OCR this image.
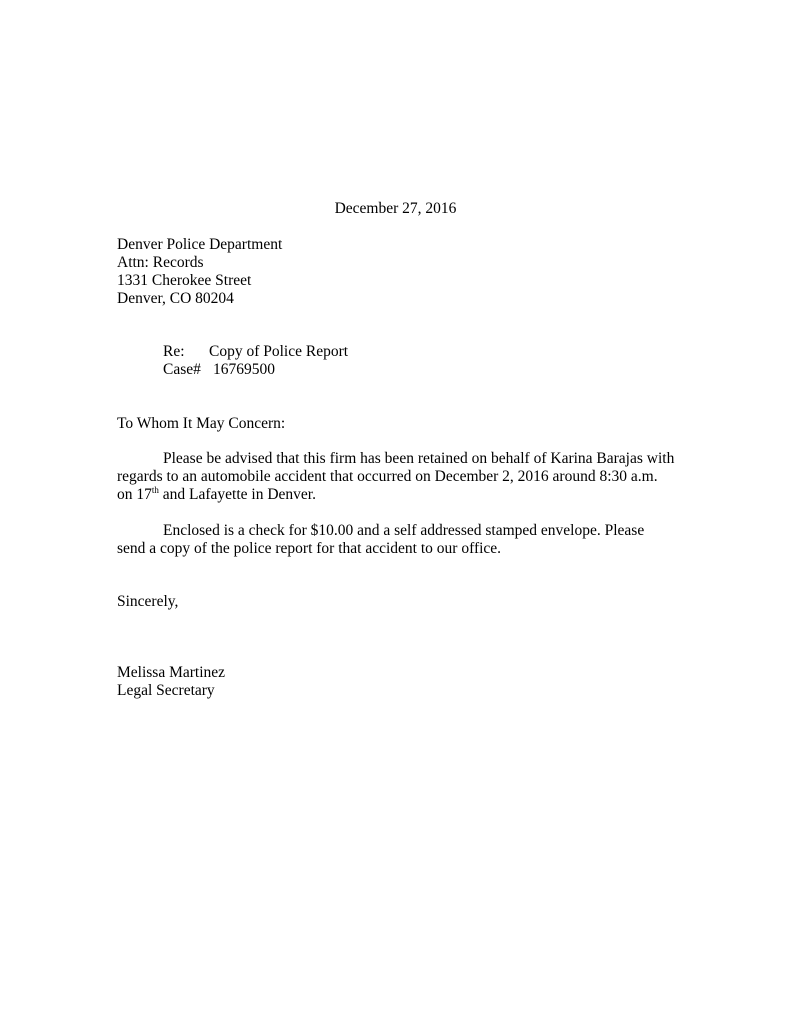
December 27, 2016
Denver Police Department
Attn: Records
1331 Cherokee Street
Denver, CO 80204
Re: Copy of Police Report
Case# 16769500
To Whom It May Concern:
Please be advised that this firm has been retained on behalf of Karina Barajas with
regards to an automobile accident that occurred on December 2, 2016 around 8:30 a.m.
on 17th and Lafayette in Denver.
Enclosed is a check for $10.00 and a self addressed stamped envelope. Please
send a copy of the police report for that accident to our office.
Sincerely,
Melissa Martinez
Legal Secretary
